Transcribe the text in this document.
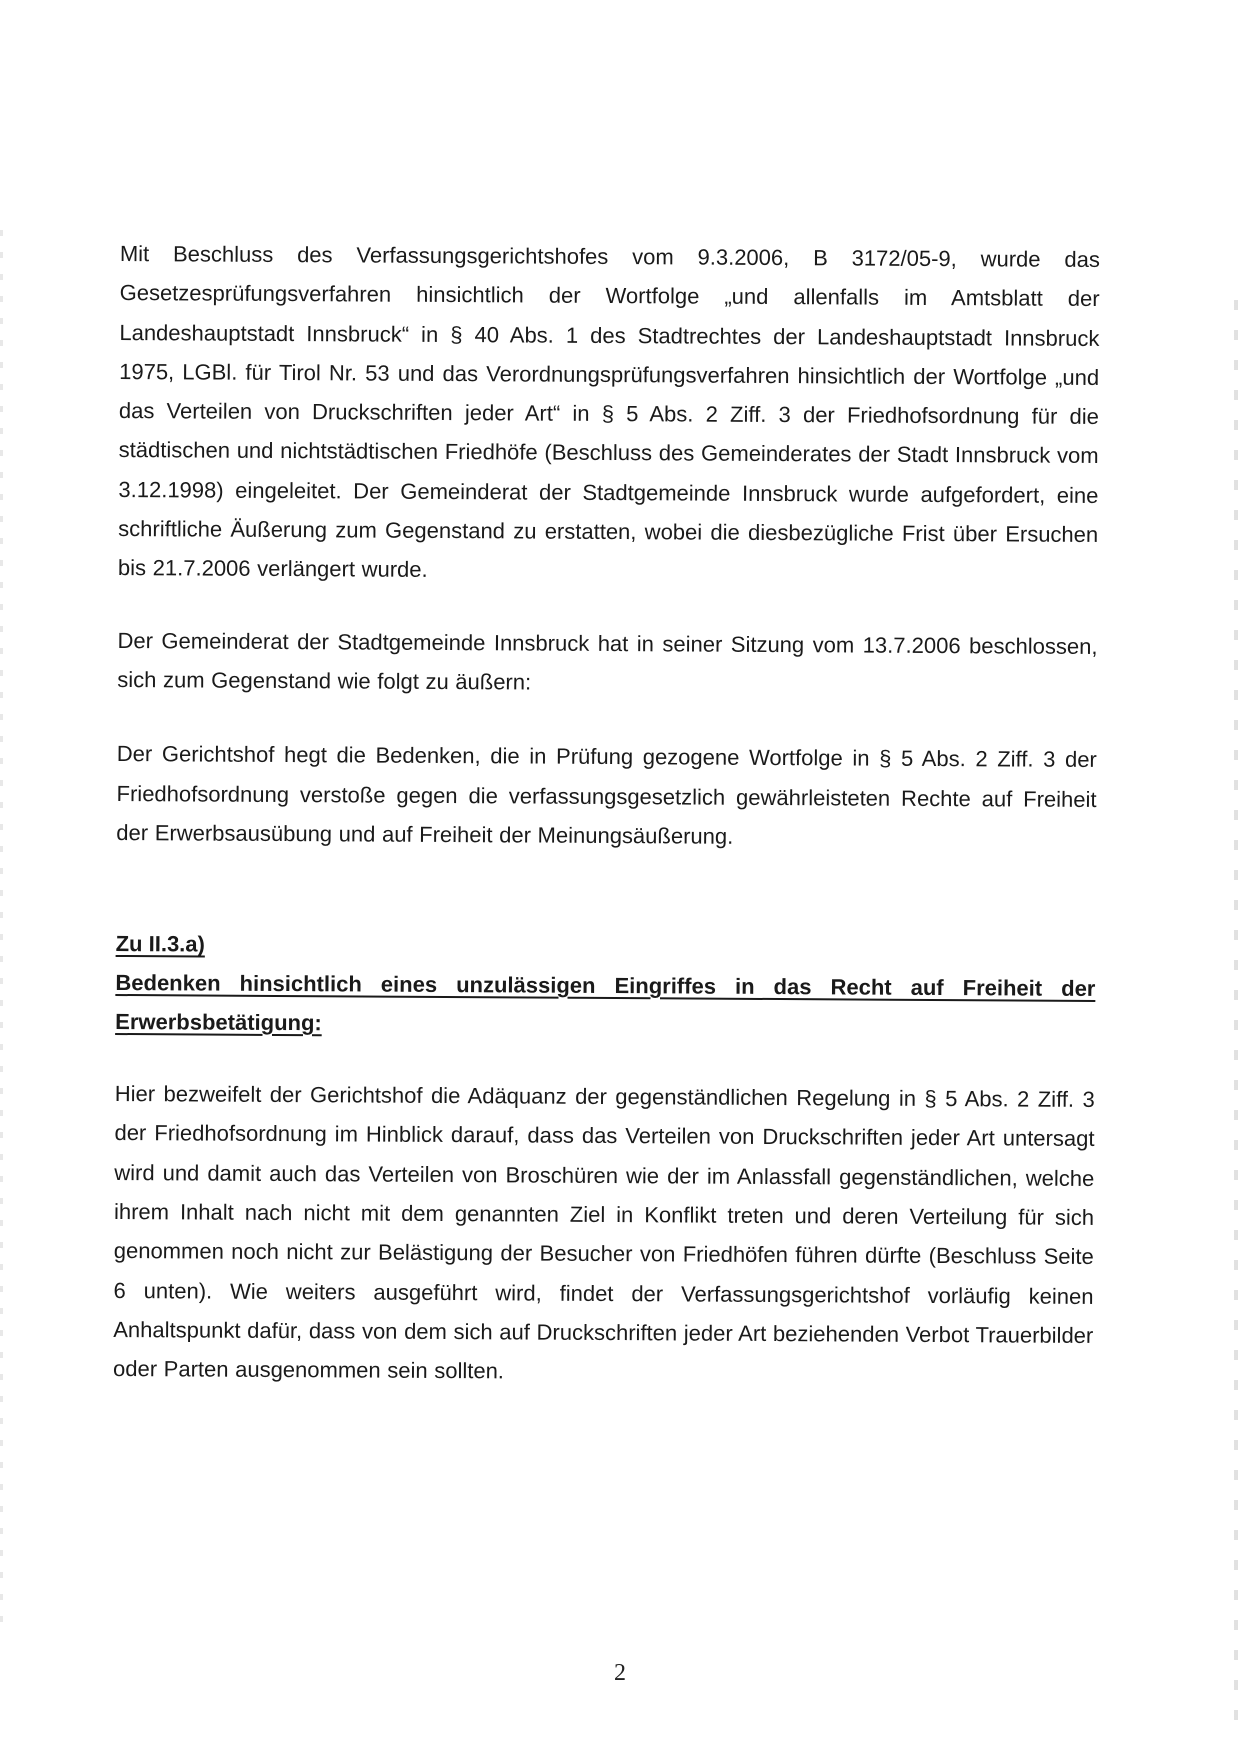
Mit Beschluss des Verfassungsgerichtshofes vom 9.3.2006, B 3172/05-9, wurde das Gesetzesprüfungsverfahren hinsichtlich der Wortfolge „und allenfalls im Amtsblatt der Landeshauptstadt Innsbruck“ in § 40 Abs. 1 des Stadtrechtes der Landeshauptstadt Innsbruck 1975, LGBl. für Tirol Nr. 53 und das Verordnungsprüfungsverfahren hinsichtlich der Wortfolge „und das Verteilen von Druckschriften jeder Art“ in § 5 Abs. 2 Ziff. 3 der Friedhofsordnung für die städtischen und nichtstädtischen Friedhöfe (Beschluss des Gemeinderates der Stadt Innsbruck vom 3.12.1998) eingeleitet. Der Gemeinderat der Stadtgemeinde Innsbruck wurde aufgefordert, eine schriftliche Äußerung zum Gegenstand zu erstatten, wobei die diesbezügliche Frist über Ersuchen bis 21.7.2006 verlängert wurde.

Der Gemeinderat der Stadtgemeinde Innsbruck hat in seiner Sitzung vom 13.7.2006 beschlossen, sich zum Gegenstand wie folgt zu äußern:

Der Gerichtshof hegt die Bedenken, die in Prüfung gezogene Wortfolge in § 5 Abs. 2 Ziff. 3 der Friedhofsordnung verstoße gegen die verfassungsgesetzlich gewährleisteten Rechte auf Freiheit der Erwerbsausübung und auf Freiheit der Meinungsäußerung.

Zu II.3.a)
Bedenken hinsichtlich eines unzulässigen Eingriffes in das Recht auf Freiheit der
Erwerbsbetätigung:

Hier bezweifelt der Gerichtshof die Adäquanz der gegenständlichen Regelung in § 5 Abs. 2 Ziff. 3 der Friedhofsordnung im Hinblick darauf, dass das Verteilen von Druckschriften jeder Art untersagt wird und damit auch das Verteilen von Broschüren wie der im Anlassfall gegenständlichen, welche ihrem Inhalt nach nicht mit dem genannten Ziel in Konflikt treten und deren Verteilung für sich genommen noch nicht zur Belästigung der Besucher von Friedhöfen führen dürfte (Beschluss Seite 6 unten). Wie weiters ausgeführt wird, findet der Verfassungsgerichtshof vorläufig keinen Anhaltspunkt dafür, dass von dem sich auf Druckschriften jeder Art beziehenden Verbot Trauerbilder oder Parten ausgenommen sein sollten.

2
